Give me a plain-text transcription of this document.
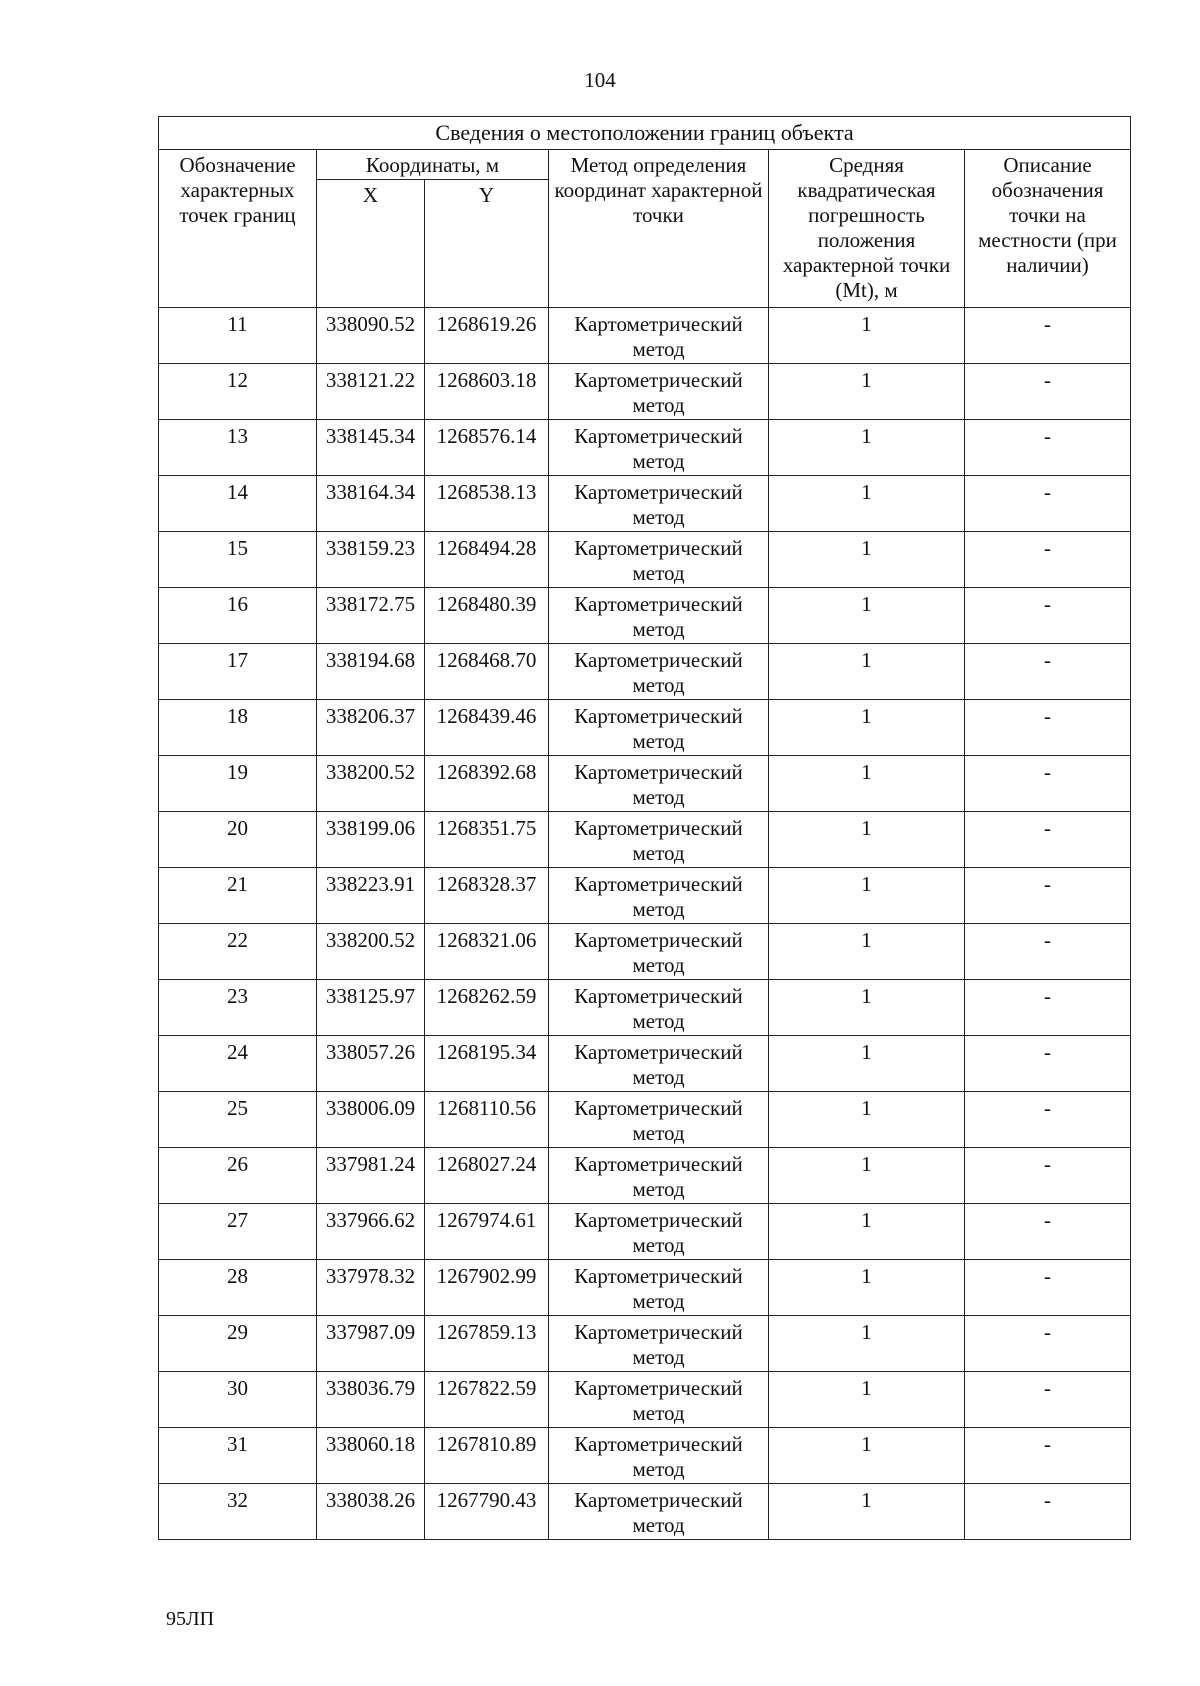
104
Сведения о местоположении границ объекта					
Обозначение характерных точек границ	Координаты, м		Метод определения координат характерной точки	Средняя квадратическая погрешность положения характерной точки (Mt), м	Описание обозначения точки на местности (при наличии)
	X	Y			
11	338090.52	1268619.26	Картометрический метод	1	-
12	338121.22	1268603.18	Картометрический метод	1	-
13	338145.34	1268576.14	Картометрический метод	1	-
14	338164.34	1268538.13	Картометрический метод	1	-
15	338159.23	1268494.28	Картометрический метод	1	-
16	338172.75	1268480.39	Картометрический метод	1	-
17	338194.68	1268468.70	Картометрический метод	1	-
18	338206.37	1268439.46	Картометрический метод	1	-
19	338200.52	1268392.68	Картометрический метод	1	-
20	338199.06	1268351.75	Картометрический метод	1	-
21	338223.91	1268328.37	Картометрический метод	1	-
22	338200.52	1268321.06	Картометрический метод	1	-
23	338125.97	1268262.59	Картометрический метод	1	-
24	338057.26	1268195.34	Картометрический метод	1	-
25	338006.09	1268110.56	Картометрический метод	1	-
26	337981.24	1268027.24	Картометрический метод	1	-
27	337966.62	1267974.61	Картометрический метод	1	-
28	337978.32	1267902.99	Картометрический метод	1	-
29	337987.09	1267859.13	Картометрический метод	1	-
30	338036.79	1267822.59	Картометрический метод	1	-
31	338060.18	1267810.89	Картометрический метод	1	-
32	338038.26	1267790.43	Картометрический метод	1	-
95ЛП
